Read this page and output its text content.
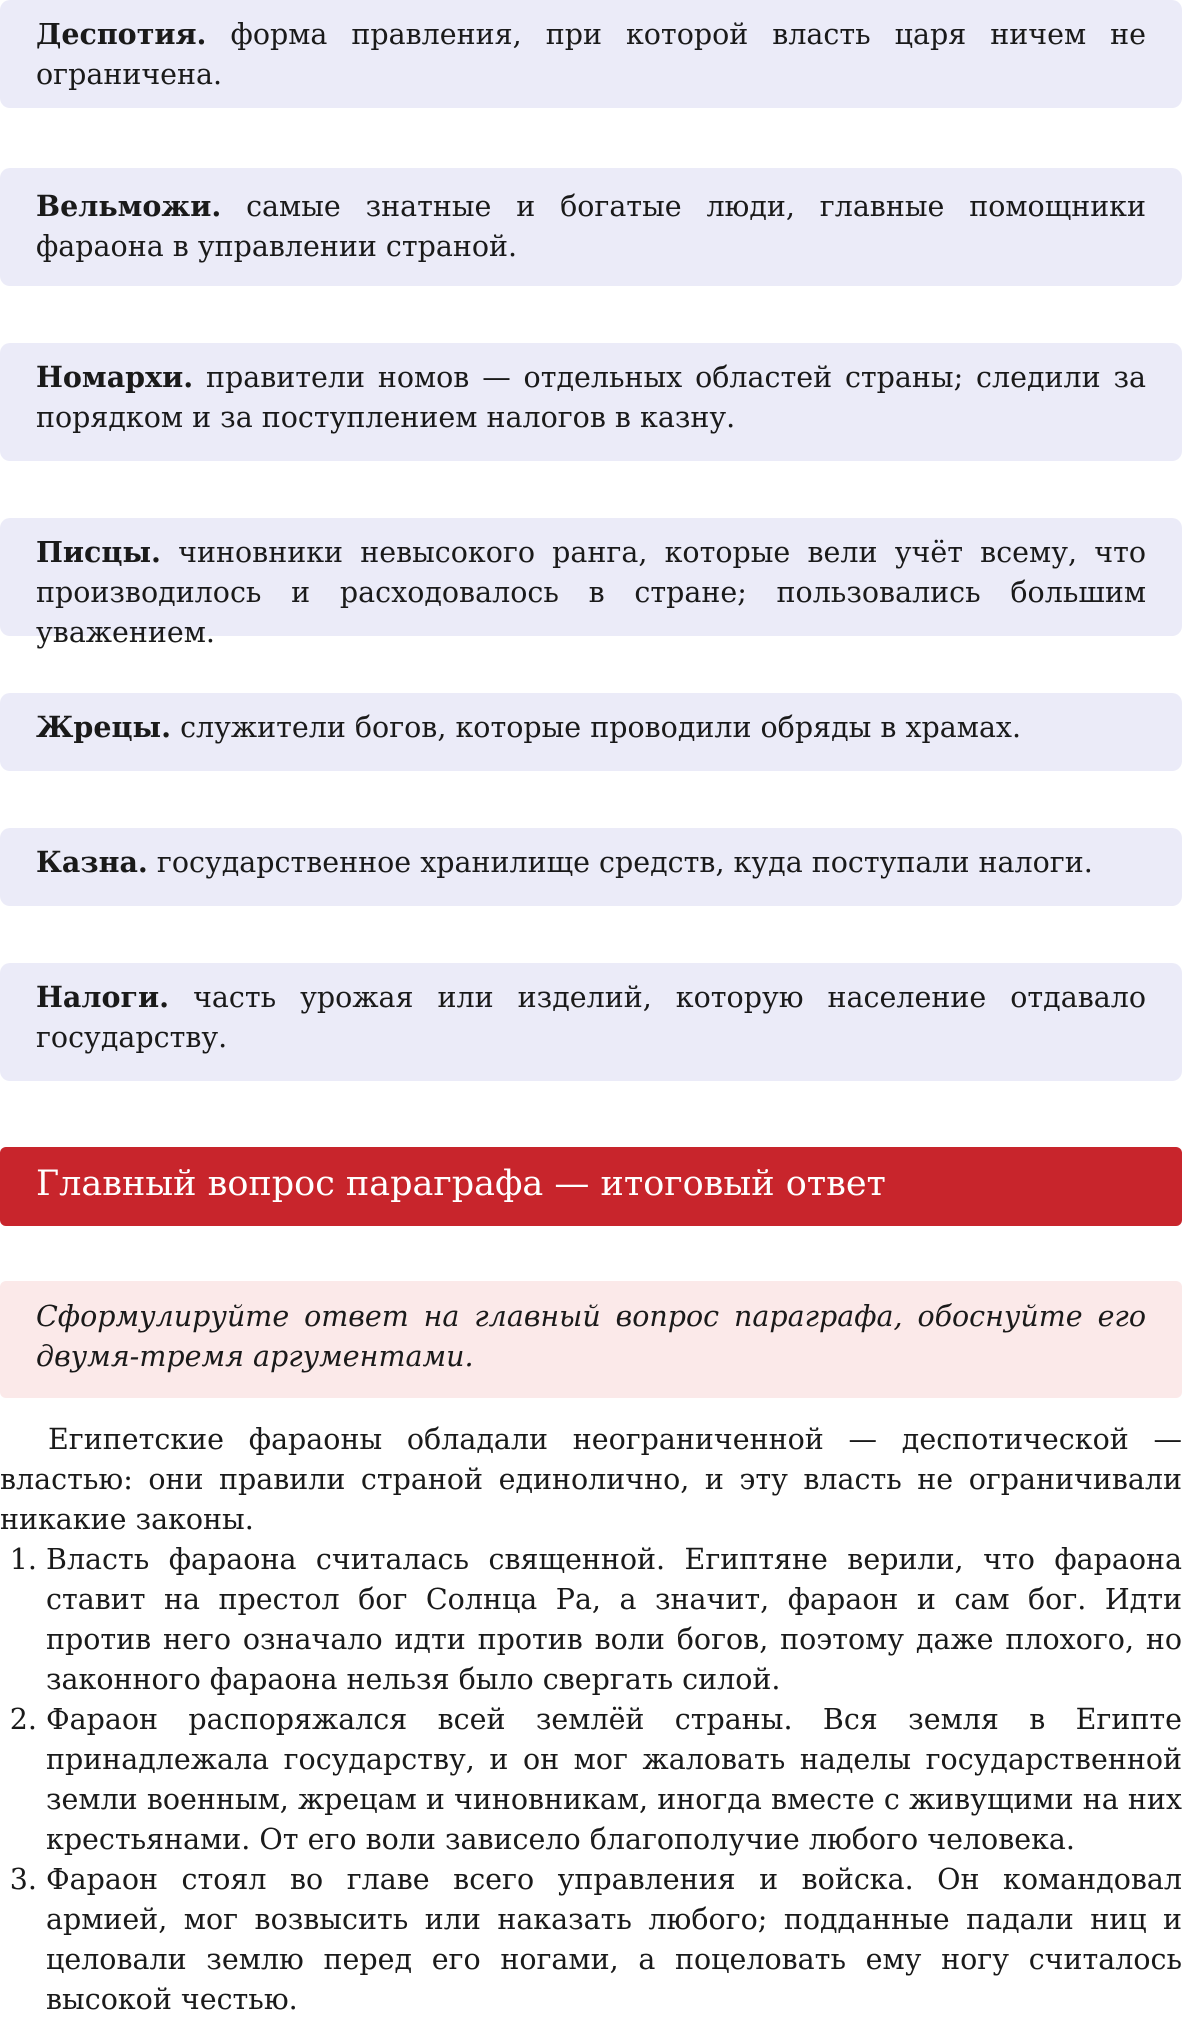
Деспотия. форма правления, при которой власть царя ничем не ограничена.
Вельможи. самые знатные и богатые люди, главные помощники фараона в управлении страной.
Номархи. правители номов — отдельных областей страны; следили за порядком и за поступлением налогов в казну.
Писцы. чиновники невысокого ранга, которые вели учёт всему, что производилось и расходовалось в стране; пользовались большим уважением.
Жрецы. служители богов, которые проводили обряды в храмах.
Казна. государственное хранилище средств, куда поступали налоги.
Налоги. часть урожая или изделий, которую население отдавало государству.
Главный вопрос параграфа — итоговый ответ
Сформулируйте ответ на главный вопрос параграфа, обоснуйте его двумя-тремя аргументами.

Египетские фараоны обладали неограниченной — деспотической — властью: они правили страной единолично, и эту власть не ограничивали никакие законы.

1. Власть фараона считалась священной. Египтяне верили, что фараона ставит на престол бог Солнца Ра, а значит, фараон и сам бог. Идти против него означало идти против воли богов, поэтому даже плохого, но законного фараона нельзя было свергать силой.
2. Фараон распоряжался всей землёй страны. Вся земля в Египте принадлежала государству, и он мог жаловать наделы государственной земли военным, жрецам и чиновникам, иногда вместе с живущими на них крестьянами. От его воли зависело благополучие любого человека.
3. Фараон стоял во главе всего управления и войска. Он командовал армией, мог возвысить или наказать любого; подданные падали ниц и целовали землю перед его ногами, а поцеловать ему ногу считалось высокой честью.
